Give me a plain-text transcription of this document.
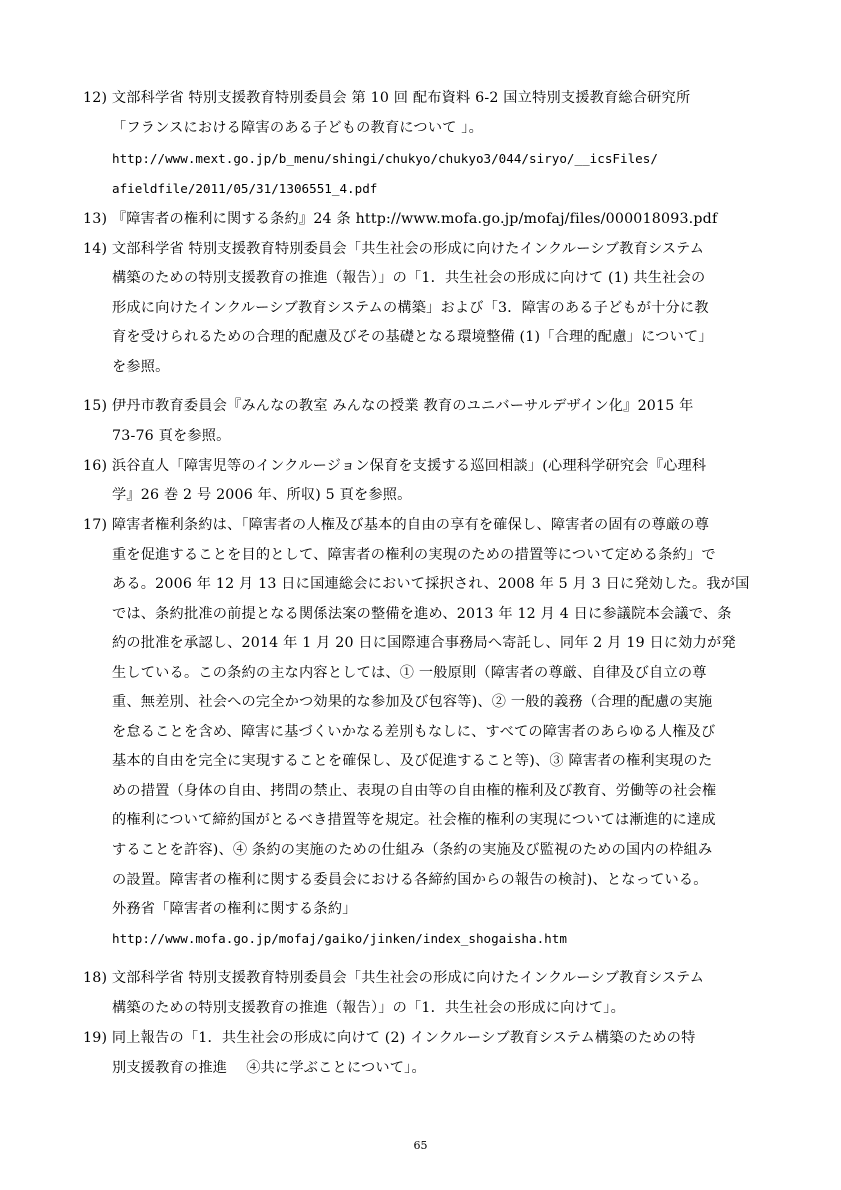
12) 文部科学省 特別支援教育特別委員会 第 10 回 配布資料 6-2 国立特別支援教育総合研究所
「フランスにおける障害のある子どもの教育について 」。
http://www.mext.go.jp/b_menu/shingi/chukyo/chukyo3/044/siryo/__icsFiles/
afieldfile/2011/05/31/1306551_4.pdf
13) 『障害者の権利に関する条約』24 条 http://www.mofa.go.jp/mofaj/files/000018093.pdf
14) 文部科学省 特別支援教育特別委員会「共生社会の形成に向けたインクルーシブ教育システム
構築のための特別支援教育の推進（報告）」の「1．共生社会の形成に向けて (1) 共生社会の
形成に向けたインクルーシブ教育システムの構築」および「3．障害のある子どもが十分に教
育を受けられるための合理的配慮及びその基礎となる環境整備 (1)「合理的配慮」について」
を参照。
15) 伊丹市教育委員会『みんなの教室 みんなの授業 教育のユニバーサルデザイン化』2015 年
73-76 頁を参照。
16) 浜谷直人「障害児等のインクルージョン保育を支援する巡回相談」(心理科学研究会『心理科
学』26 巻 2 号 2006 年、所収) 5 頁を参照。
17) 障害者権利条約は、「障害者の人権及び基本的自由の享有を確保し、障害者の固有の尊厳の尊
重を促進することを目的として、障害者の権利の実現のための措置等について定める条約」で
ある。2006 年 12 月 13 日に国連総会において採択され、2008 年 5 月 3 日に発効した。我が国
では、条約批准の前提となる関係法案の整備を進め、2013 年 12 月 4 日に参議院本会議で、条
約の批准を承認し、2014 年 1 月 20 日に国際連合事務局へ寄託し、同年 2 月 19 日に効力が発
生している。この条約の主な内容としては、① 一般原則（障害者の尊厳、自律及び自立の尊
重、無差別、社会への完全かつ効果的な参加及び包容等)、② 一般的義務（合理的配慮の実施
を怠ることを含め、障害に基づくいかなる差別もなしに、すべての障害者のあらゆる人権及び
基本的自由を完全に実現することを確保し、及び促進すること等)、③ 障害者の権利実現のた
めの措置（身体の自由、拷問の禁止、表現の自由等の自由権的権利及び教育、労働等の社会権
的権利について締約国がとるべき措置等を規定。社会権的権利の実現については漸進的に達成
することを許容)、④ 条約の実施のための仕組み（条約の実施及び監視のための国内の枠組み
の設置。障害者の権利に関する委員会における各締約国からの報告の検討)、となっている。
外務省「障害者の権利に関する条約」
http://www.mofa.go.jp/mofaj/gaiko/jinken/index_shogaisha.htm
18) 文部科学省 特別支援教育特別委員会「共生社会の形成に向けたインクルーシブ教育システム
構築のための特別支援教育の推進（報告）」の「1．共生社会の形成に向けて」。
19) 同上報告の「1．共生社会の形成に向けて (2) インクルーシブ教育システム構築のための特
別支援教育の推進　 ④共に学ぶことについて」。
65
